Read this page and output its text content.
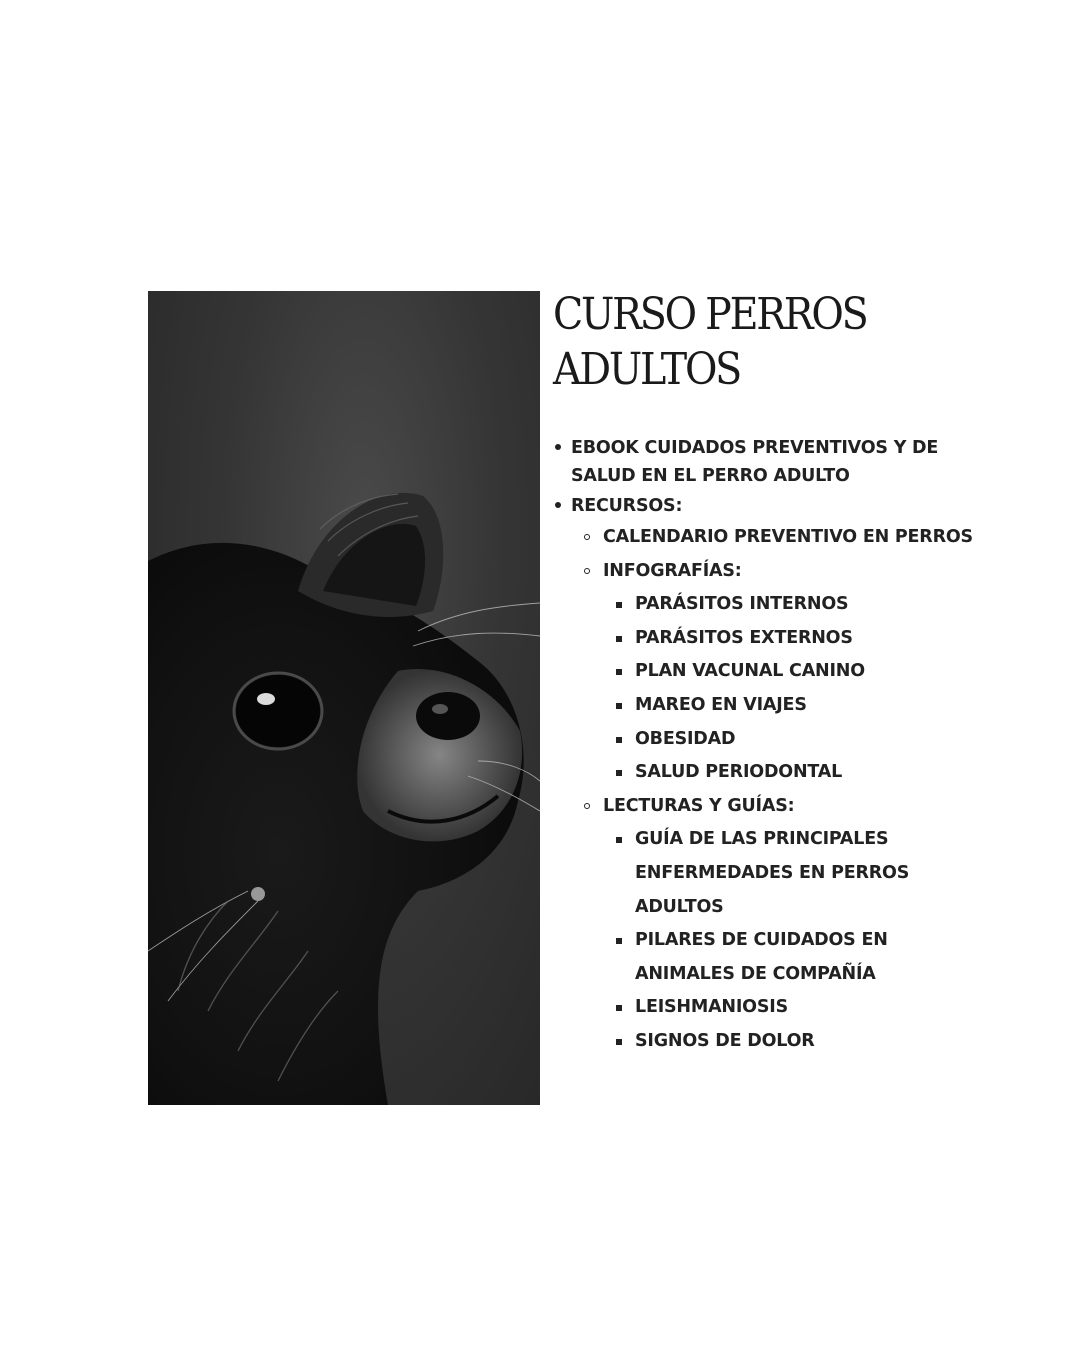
CURSO PERROS
ADULTOS
EBOOK CUIDADOS PREVENTIVOS Y DE SALUD EN EL PERRO ADULTO
RECURSOS:
CALENDARIO PREVENTIVO EN PERROS
INFOGRAFÍAS:
PARÁSITOS INTERNOS
PARÁSITOS EXTERNOS
PLAN VACUNAL CANINO
MAREO EN VIAJES
OBESIDAD
SALUD PERIODONTAL
LECTURAS Y GUÍAS:
GUÍA DE LAS PRINCIPALES ENFERMEDADES EN PERROS ADULTOS
PILARES DE CUIDADOS EN ANIMALES DE COMPAÑÍA
LEISHMANIOSIS
SIGNOS DE DOLOR
